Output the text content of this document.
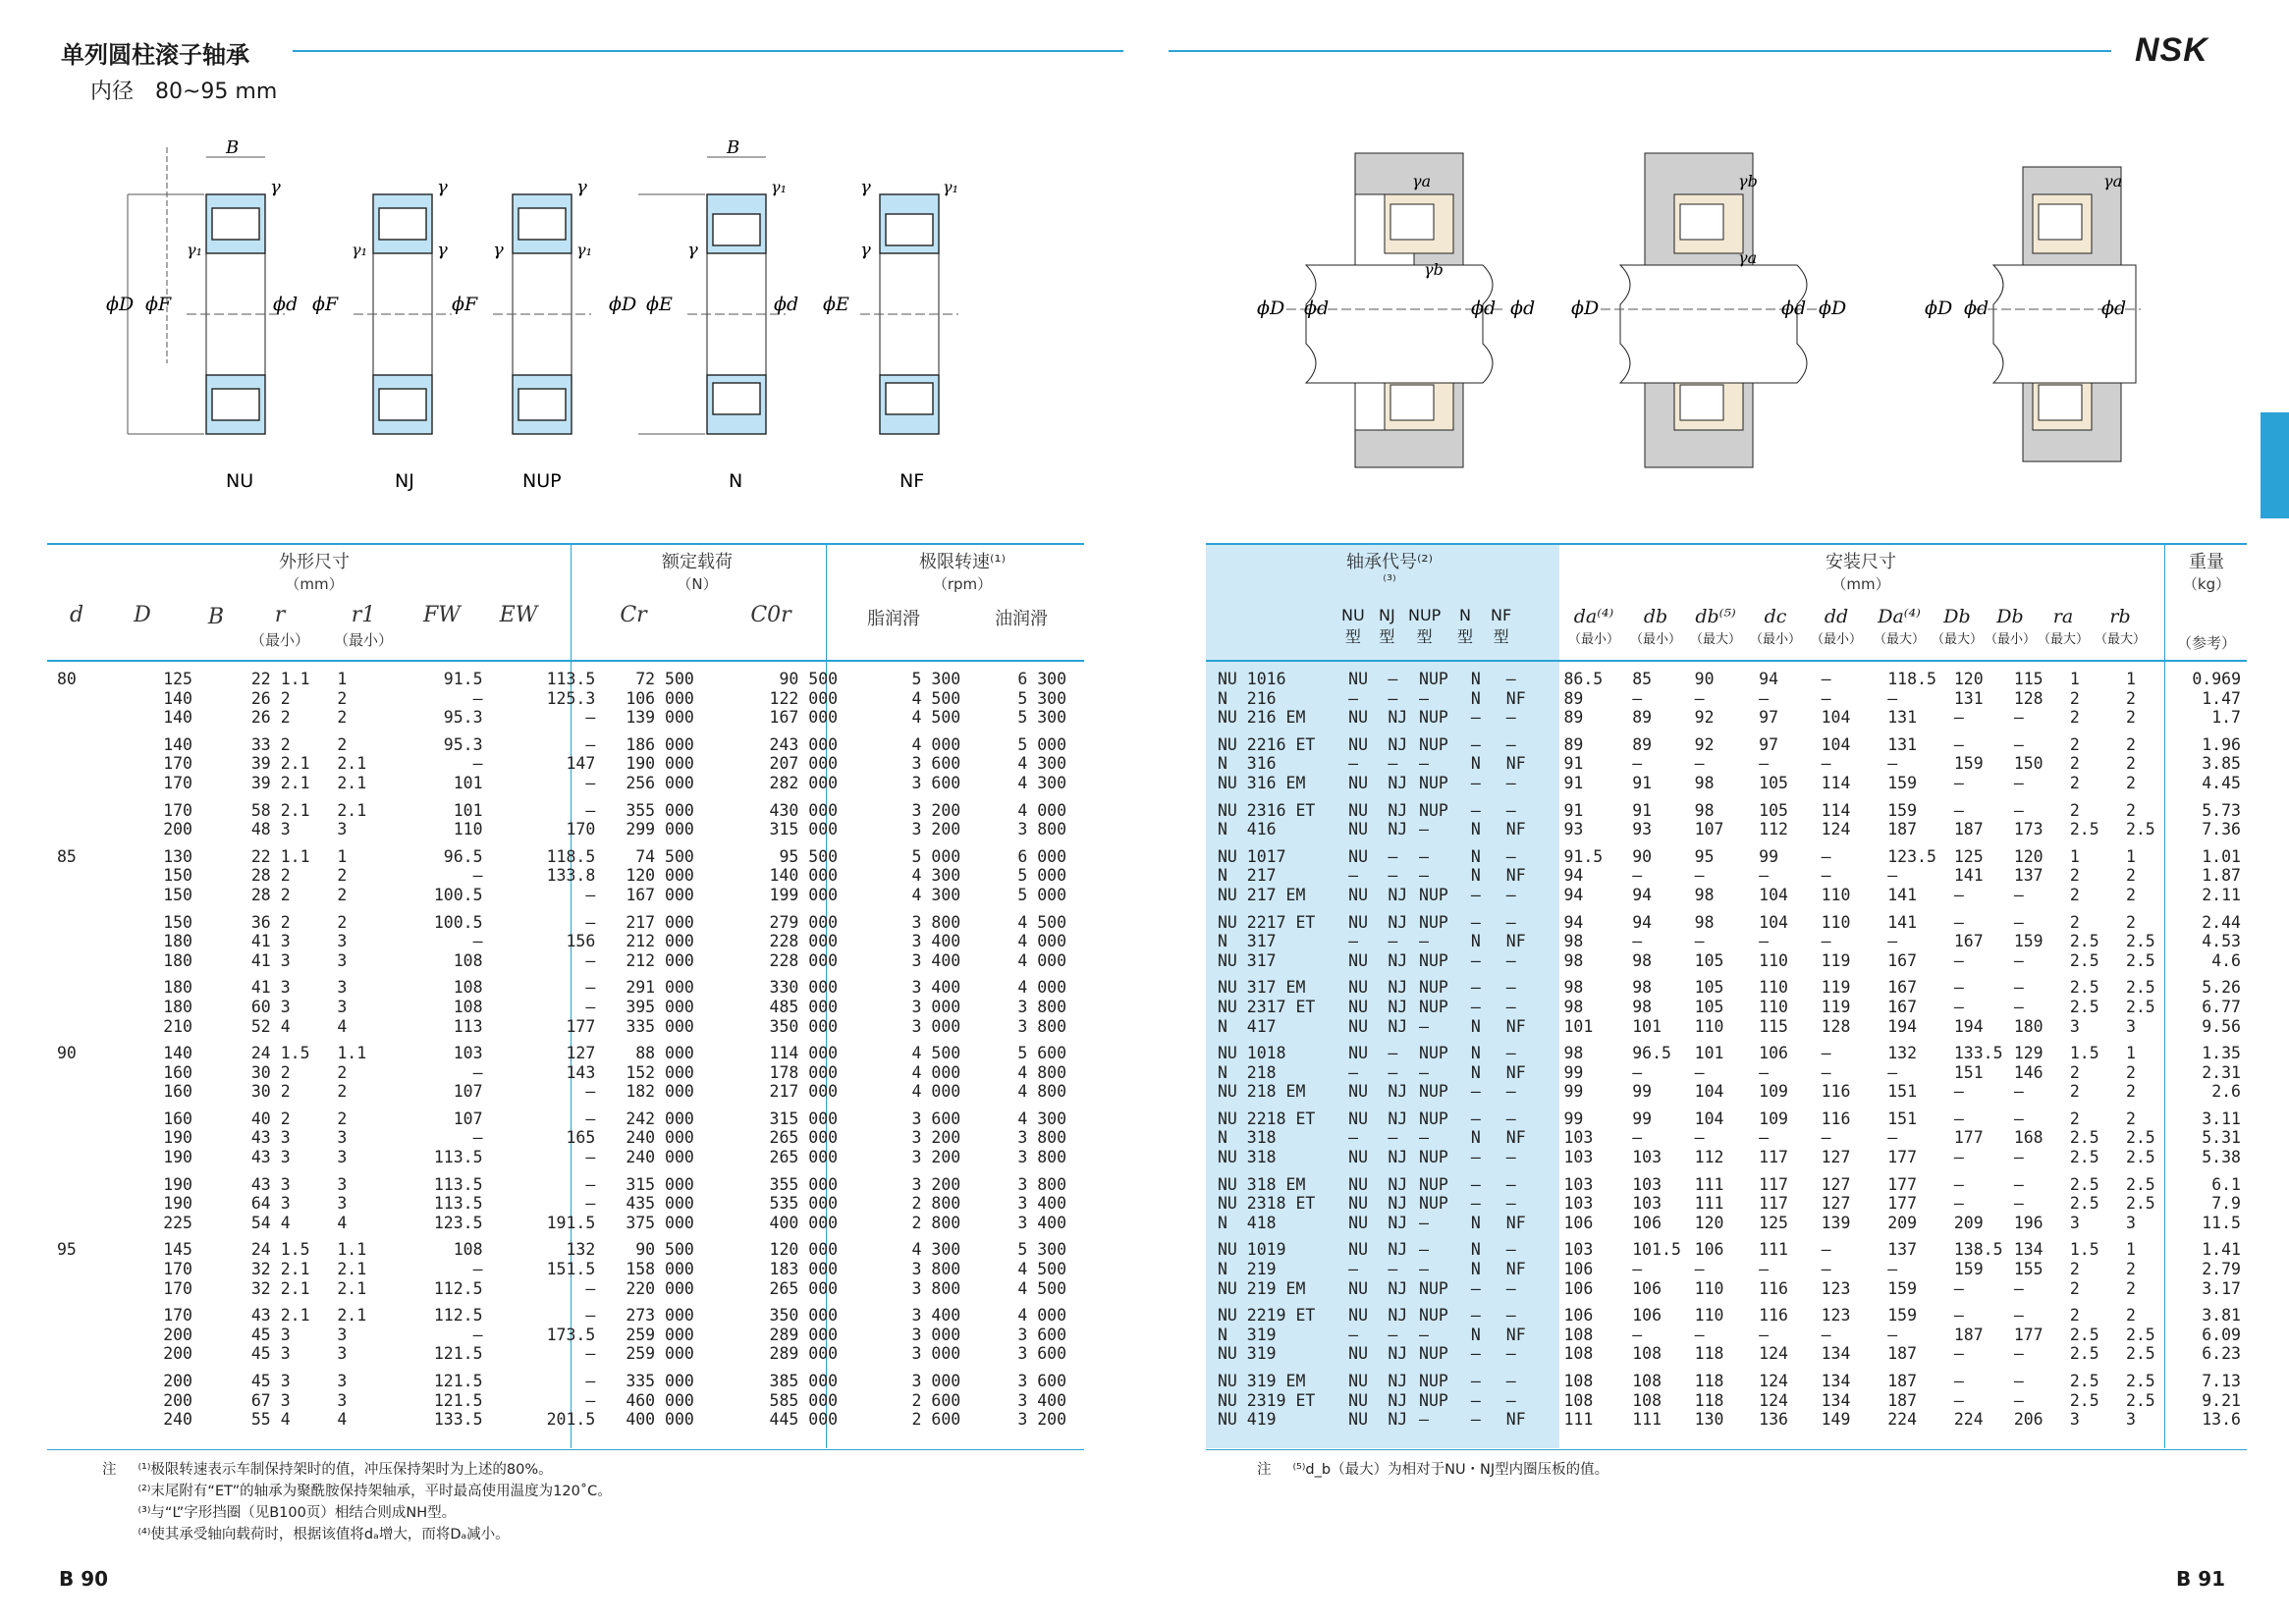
单列圆柱滚子轴承
内径　80~95 mm
NSK
B
γ
γ₁
ϕD ϕF	ϕd
NU
γ
γ₁	γ
ϕF
NJ
γ
γ	γ₁
ϕF
NUP
B
γ₁
γ
ϕD ϕE	ϕd
N
γ	γ₁
γ
ϕE
NF
ϕD ϕd	ϕd ϕd
γa
γb
ϕD	ϕd ϕD
γb
γa
ϕD ϕd	ϕd
γa
外形尺寸
（mm）
额定载荷
（N）
极限转速⁽¹⁾
（rpm）
d	D	B	r
（最小）
r1
（最小）
FW	EW	Cr	C0r	脂润滑	油润滑
80	125	22	1.1	1	91.5	113.5	72 500	90 500	5 300	6 300
	140	26	2	2	—	125.3	106 000	122 000	4 500	5 300
	140	26	2	2	95.3	—	139 000	167 000	4 500	5 300

	140	33	2	2	95.3	—	186 000	243 000	4 000	5 000
	170	39	2.1	2.1	—	147	190 000	207 000	3 600	4 300
	170	39	2.1	2.1	101	—	256 000	282 000	3 600	4 300

	170	58	2.1	2.1	101	—	355 000	430 000	3 200	4 000
	200	48	3	3	110	170	299 000	315 000	3 200	3 800

85	130	22	1.1	1	96.5	118.5	74 500	95 500	5 000	6 000
	150	28	2	2	—	133.8	120 000	140 000	4 300	5 000
	150	28	2	2	100.5	—	167 000	199 000	4 300	5 000

	150	36	2	2	100.5	—	217 000	279 000	3 800	4 500
	180	41	3	3	—	156	212 000	228 000	3 400	4 000
	180	41	3	3	108	—	212 000	228 000	3 400	4 000

	180	41	3	3	108	—	291 000	330 000	3 400	4 000
	180	60	3	3	108	—	395 000	485 000	3 000	3 800
	210	52	4	4	113	177	335 000	350 000	3 000	3 800

90	140	24	1.5	1.1	103	127	88 000	114 000	4 500	5 600
	160	30	2	2	—	143	152 000	178 000	4 000	4 800
	160	30	2	2	107	—	182 000	217 000	4 000	4 800

	160	40	2	2	107	—	242 000	315 000	3 600	4 300
	190	43	3	3	—	165	240 000	265 000	3 200	3 800
	190	43	3	3	113.5	—	240 000	265 000	3 200	3 800

	190	43	3	3	113.5	—	315 000	355 000	3 200	3 800
	190	64	3	3	113.5	—	435 000	535 000	2 800	3 400
	225	54	4	4	123.5	191.5	375 000	400 000	2 800	3 400

95	145	24	1.5	1.1	108	132	90 500	120 000	4 300	5 300
	170	32	2.1	2.1	—	151.5	158 000	183 000	3 800	4 500
	170	32	2.1	2.1	112.5	—	220 000	265 000	3 800	4 500

	170	43	2.1	2.1	112.5	—	273 000	350 000	3 400	4 000
	200	45	3	3	—	173.5	259 000	289 000	3 000	3 600
	200	45	3	3	121.5	—	259 000	289 000	3 000	3 600

	200	45	3	3	121.5	—	335 000	385 000	3 000	3 600
	200	67	3	3	121.5	—	460 000	585 000	2 600	3 400
	240	55	4	4	133.5	201.5	400 000	445 000	2 600	3 200
注 ⁽¹⁾极限转速表示车制保持架时的值，冲压保持架时为上述的80%。
⁽²⁾末尾附有“ET”的轴承为聚酰胺保持架轴承，平时最高使用温度为120˚C。
⁽³⁾与“L”字形挡圈（见B100页）相结合则成NH型。
⁽⁴⁾使其承受轴向载荷时，根据该值将dₐ增大，而将Dₐ减小。
轴承代号⁽²⁾
⁽³⁾
安装尺寸
（mm）
重量
（kg）
NU
型
NJ
型
NUP
型
N
型
NF
型
da⁽⁴⁾
（最小）
db
（最小）
db⁽⁵⁾
（最大）
dc
（最小）
dd
（最小）
Da⁽⁴⁾
（最大）
Db
（最大）
Db
（最小）
ra
（最大）
rb
（最大）	（参考）
NU 1016	NU	—	NUP	N	—	86.5	85	90	94	—	118.5	120	115	1	1	0.969
N  216	—	—	—	N	NF	89	—	—	—	—	—	131	128	2	2	1.47
NU 216 EM	NU	NJ	NUP	—	—	89	89	92	97	104	131	—	—	2	2	1.7

NU 2216 ET	NU	NJ	NUP	—	—	89	89	92	97	104	131	—	—	2	2	1.96
N  316	—	—	—	N	NF	91	—	—	—	—	—	159	150	2	2	3.85
NU 316 EM	NU	NJ	NUP	—	—	91	91	98	105	114	159	—	—	2	2	4.45

NU 2316 ET	NU	NJ	NUP	—	—	91	91	98	105	114	159	—	—	2	2	5.73
N  416	NU	NJ	—	N	NF	93	93	107	112	124	187	187	173	2.5	2.5	7.36

NU 1017	NU	—	—	N	—	91.5	90	95	99	—	123.5	125	120	1	1	1.01
N  217	—	—	—	N	NF	94	—	—	—	—	—	141	137	2	2	1.87
NU 217 EM	NU	NJ	NUP	—	—	94	94	98	104	110	141	—	—	2	2	2.11

NU 2217 ET	NU	NJ	NUP	—	—	94	94	98	104	110	141	—	—	2	2	2.44
N  317	—	—	—	N	NF	98	—	—	—	—	—	167	159	2.5	2.5	4.53
NU 317	NU	NJ	NUP	—	—	98	98	105	110	119	167	—	—	2.5	2.5	4.6

NU 317 EM	NU	NJ	NUP	—	—	98	98	105	110	119	167	—	—	2.5	2.5	5.26
NU 2317 ET	NU	NJ	NUP	—	—	98	98	105	110	119	167	—	—	2.5	2.5	6.77
N  417	NU	NJ	—	N	NF	101	101	110	115	128	194	194	180	3	3	9.56

NU 1018	NU	—	NUP	N	—	98	96.5	101	106	—	132	133.5	129	1.5	1	1.35
N  218	—	—	—	N	NF	99	—	—	—	—	—	151	146	2	2	2.31
NU 218 EM	NU	NJ	NUP	—	—	99	99	104	109	116	151	—	—	2	2	2.6

NU 2218 ET	NU	NJ	NUP	—	—	99	99	104	109	116	151	—	—	2	2	3.11
N  318	—	—	—	N	NF	103	—	—	—	—	—	177	168	2.5	2.5	5.31
NU 318	NU	NJ	NUP	—	—	103	103	112	117	127	177	—	—	2.5	2.5	5.38

NU 318 EM	NU	NJ	NUP	—	—	103	103	111	117	127	177	—	—	2.5	2.5	6.1
NU 2318 ET	NU	NJ	NUP	—	—	103	103	111	117	127	177	—	—	2.5	2.5	7.9
N  418	NU	NJ	—	N	NF	106	106	120	125	139	209	209	196	3	3	11.5

NU 1019	NU	NJ	—	N	—	103	101.5	106	111	—	137	138.5	134	1.5	1	1.41
N  219	—	—	—	N	NF	106	—	—	—	—	—	159	155	2	2	2.79
NU 219 EM	NU	NJ	NUP	—	—	106	106	110	116	123	159	—	—	2	2	3.17

NU 2219 ET	NU	NJ	NUP	—	—	106	106	110	116	123	159	—	—	2	2	3.81
N  319	—	—	—	N	NF	108	—	—	—	—	—	187	177	2.5	2.5	6.09
NU 319	NU	NJ	NUP	—	—	108	108	118	124	134	187	—	—	2.5	2.5	6.23

NU 319 EM	NU	NJ	NUP	—	—	108	108	118	124	134	187	—	—	2.5	2.5	7.13
NU 2319 ET	NU	NJ	NUP	—	—	108	108	118	124	134	187	—	—	2.5	2.5	9.21
NU 419	NU	NJ	—	—	NF	111	111	130	136	149	224	224	206	3	3	13.6
注 ⁽⁵⁾d_b（最大）为相对于NU・NJ型内圈压板的值。
B 90	B 91
